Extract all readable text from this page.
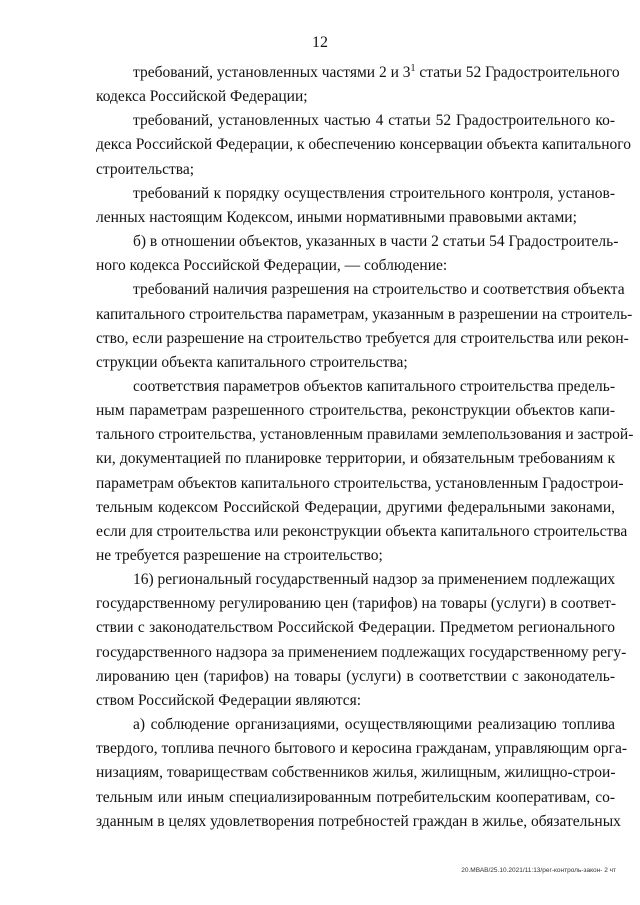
12
требований, установленных частями 2 и $3^1$ статьи 52 Градостроительного
кодекса Российской Федерации;
требований, установленных частью 4 статьи 52 Градостроительного ко-
декса Российской Федерации, к обеспечению консервации объекта капитального
строительства;
требований к порядку осуществления строительного контроля, установ-
ленных настоящим Кодексом, иными нормативными правовыми актами;
б) в отношении объектов, указанных в части 2 статьи 54 Градостроитель-
ного кодекса Российской Федерации, — соблюдение:
требований наличия разрешения на строительство и соответствия объекта
капитального строительства параметрам, указанным в разрешении на строитель-
ство, если разрешение на строительство требуется для строительства или рекон-
струкции объекта капитального строительства;
соответствия параметров объектов капитального строительства предель-
ным параметрам разрешенного строительства, реконструкции объектов капи-
тального строительства, установленным правилами землепользования и застрой-
ки, документацией по планировке территории, и обязательным требованиям к
параметрам объектов капитального строительства, установленным Градострои-
тельным кодексом Российской Федерации, другими федеральными законами,
если для строительства или реконструкции объекта капитального строительства
не требуется разрешение на строительство;
16) региональный государственный надзор за применением подлежащих
государственному регулированию цен (тарифов) на товары (услуги) в соответ-
ствии с законодательством Российской Федерации. Предметом регионального
государственного надзора за применением подлежащих государственному регу-
лированию цен (тарифов) на товары (услуги) в соответствии с законодатель-
ством Российской Федерации являются:
а) соблюдение организациями, осуществляющими реализацию топлива
твердого, топлива печного бытового и керосина гражданам, управляющим орга-
низациям, товариществам собственников жилья, жилищным, жилищно-строи-
тельным или иным специализированным потребительским кооперативам, со-
зданным в целях удовлетворения потребностей граждан в жилье, обязательных
20.МВАВ/25.10.2021/11:13/рег-контроль-закон- 2 чт
